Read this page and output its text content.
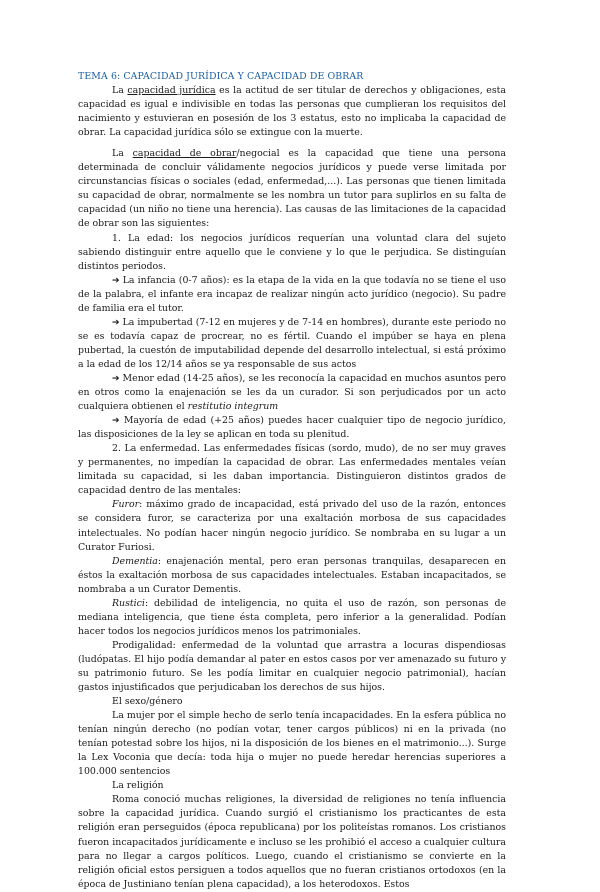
TEMA 6: CAPACIDAD JURÍDICA Y CAPACIDAD DE OBRAR

La capacidad jurídica es la actitud de ser titular de derechos y obligaciones, esta capacidad es igual e indivisible en todas las personas que cumplieran los requisitos del nacimiento y estuvieran en posesión de los 3 estatus, esto no implicaba la capacidad de obrar. La capacidad jurídica sólo se extingue con la muerte.

La capacidad de obrar/negocial es la capacidad que tiene una persona determinada de concluir válidamente negocios jurídicos y puede verse limitada por circunstancias físicas o sociales (edad, enfermedad,...). Las personas que tienen limitada su capacidad de obrar, normalmente se les nombra un tutor para suplirlos en su falta de capacidad (un niño no tiene una herencia). Las causas de las limitaciones de la capacidad de obrar son las siguientes:

1. La edad: los negocios jurídicos requerían una voluntad clara del sujeto sabiendo distinguir entre aquello que le conviene y lo que le perjudica. Se distinguían distintos periodos.

➔ La infancia (0-7 años): es la etapa de la vida en la que todavía no se tiene el uso de la palabra, el infante era incapaz de realizar ningún acto jurídico (negocio). Su padre de familia era el tutor.

➔ La impubertad (7-12 en mujeres y de 7-14 en hombres), durante este periodo no se es todavía capaz de procrear, no es fértil. Cuando el impúber se haya en plena pubertad, la cuestón de imputabilidad depende del desarrollo intelectual, si está próximo a la edad de los 12/14 años se ya responsable de sus actos

➔ Menor edad (14-25 años), se les reconocía la capacidad en muchos asuntos pero en otros como la enajenación se les da un curador. Si son perjudicados por un acto cualquiera obtienen el restitutio integrum

➔ Mayoría de edad (+25 años) puedes hacer cualquier tipo de negocio jurídico, las disposiciones de la ley se aplican en toda su plenitud.

2. La enfermedad. Las enfermedades físicas (sordo, mudo), de no ser muy graves y permanentes, no impedían la capacidad de obrar. Las enfermedades mentales veían limitada su capacidad, si les daban importancia. Distinguieron distintos grados de capacidad dentro de las mentales:

Furor: máximo grado de incapacidad, está privado del uso de la razón, entonces se considera furor, se caracteriza por una exaltación morbosa de sus capacidades intelectuales. No podían hacer ningún negocio jurídico. Se nombraba en su lugar a un Curator Furiosi.

Dementia: enajenación mental, pero eran personas tranquilas, desaparecen en éstos la exaltación morbosa de sus capacidades intelectuales. Estaban incapacitados, se nombraba a un Curator Dementis.

Rustici: debilidad de inteligencia, no quita el uso de razón, son personas de mediana inteligencia, que tiene ésta completa, pero inferior a la generalidad. Podían hacer todos los negocios jurídicos menos los patrimoniales.

Prodigalidad: enfermedad de la voluntad que arrastra a locuras dispendiosas (ludópatas. El hijo podía demandar al pater en estos casos por ver amenazado su futuro y su patrimonio futuro. Se les podía limitar en cualquier negocio patrimonial), hacían gastos injustificados que perjudicaban los derechos de sus hijos.

El sexo/género

La mujer por el simple hecho de serlo tenía incapacidades. En la esfera pública no tenían ningún derecho (no podían votar, tener cargos públicos) ni en la privada (no tenían potestad sobre los hijos, ni la disposición de los bienes en el matrimonio...). Surge la Lex Voconia que decía: toda hija o mujer no puede heredar herencias superiores a 100.000 sentencios

La religión

Roma conoció muchas religiones, la diversidad de religiones no tenía influencia sobre la capacidad jurídica. Cuando surgió el cristianismo los practicantes de esta religión eran perseguidos (época republicana) por los politeístas romanos. Los cristianos fueron incapacitados jurídicamente e incluso se les prohibió el acceso a cualquier cultura para no llegar a cargos políticos. Luego, cuando el cristianismo se convierte en la religión oficial estos persiguen a todos aquellos que no fueran cristianos ortodoxos (en la época de Justiniano tenían plena capacidad), a los heterodoxos. Estos
